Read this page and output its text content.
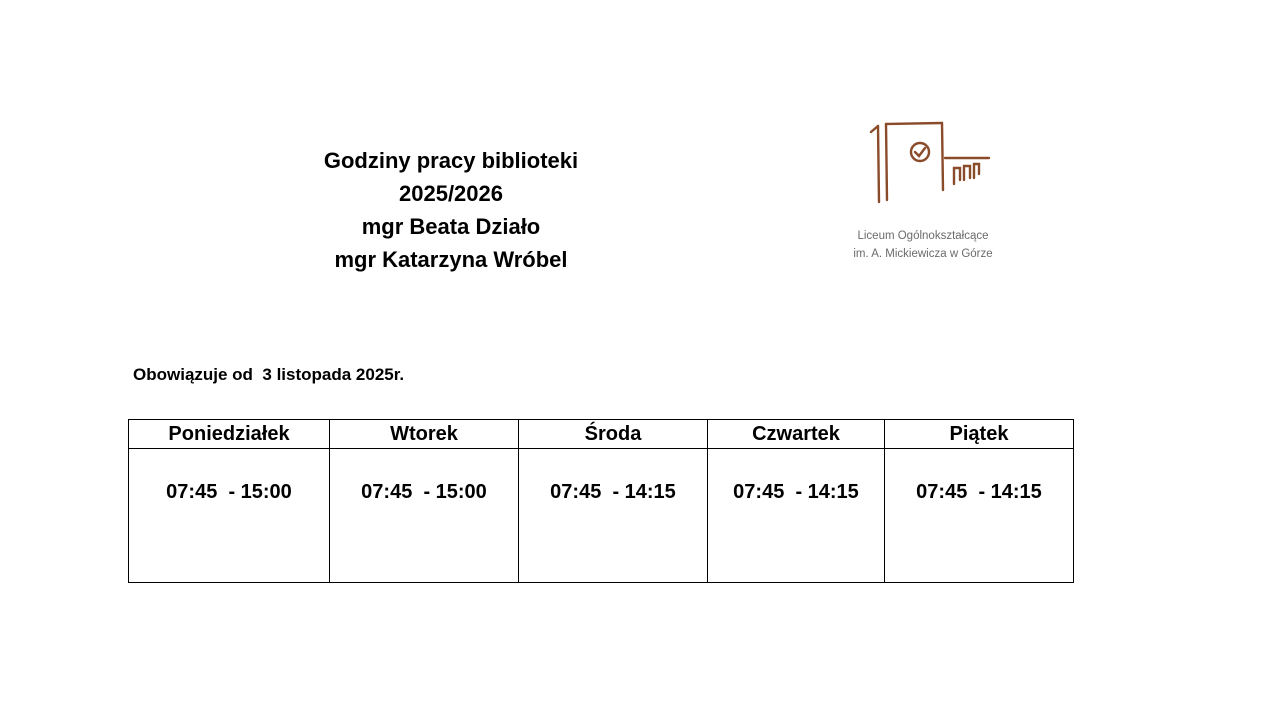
Godziny pracy biblioteki
2025/2026
mgr Beata Działo
mgr Katarzyna Wróbel
Liceum Ogólnokształcące
im. A. Mickiewicza w Górze
Obowiązuje od  3 listopada 2025r.
Poniedziałek	Wtorek	Środa	Czwartek	Piątek

07:45  - 15:00	07:45  - 15:00	07:45  - 14:15	07:45  - 14:15	07:45  - 14:15
